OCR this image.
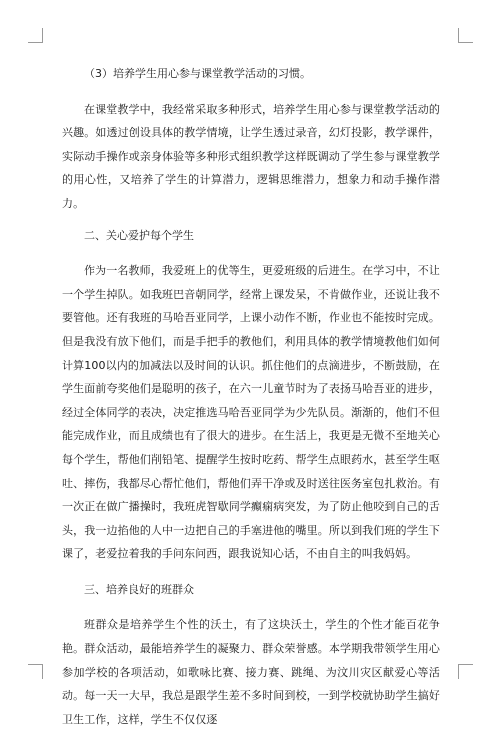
（3）培养学生用心参与课堂教学活动的习惯。

在课堂教学中，我经常采取多种形式，培养学生用心参与课堂教学活动的兴趣。如透过创设具体的教学情境，让学生透过录音，幻灯投影，教学课件，实际动手操作或亲身体验等多种形式组织教学这样既调动了学生参与课堂教学的用心性，又培养了学生的计算潜力，逻辑思维潜力，想象力和动手操作潜力。

二、关心爱护每个学生

作为一名教师，我爱班上的优等生，更爱班级的后进生。在学习中，不让一个学生掉队。如我班巴音朝同学，经常上课发呆，不肯做作业，还说让我不要管他。还有我班的马哈吾亚同学，上课小动作不断，作业也不能按时完成。但是我没有放下他们，而是手把手的教他们，利用具体的教学情境教他们如何计算100以内的加减法以及时间的认识。抓住他们的点滴进步，不断鼓励，在学生面前夸奖他们是聪明的孩子，在六一儿童节时为了表扬马哈吾亚的进步，经过全体同学的表决，决定推选马哈吾亚同学为少先队员。渐渐的，他们不但能完成作业，而且成绩也有了很大的进步。在生活上，我更是无微不至地关心每个学生，帮他们削铅笔、提醒学生按时吃药、帮学生点眼药水，甚至学生呕吐、摔伤，我都尽心帮忙他们，帮他们弄干净或及时送往医务室包扎救治。有一次正在做广播操时，我班虎智歇同学癫痫病突发，为了防止他咬到自己的舌头，我一边掐他的人中一边把自己的手塞进他的嘴里。所以到我们班的学生下课了，老爱拉着我的手问东问西，跟我说知心话，不由自主的叫我妈妈。

三、培养良好的班群众

班群众是培养学生个性的沃土，有了这块沃土，学生的个性才能百花争艳。群众活动，最能培养学生的凝聚力、群众荣誉感。本学期我带领学生用心参加学校的各项活动，如歌咏比赛、接力赛、跳绳、为汶川灾区献爱心等活动。每一天一大早，我总是跟学生差不多时间到校，一到学校就协助学生搞好卫生工作，这样，学生不仅仅逐
